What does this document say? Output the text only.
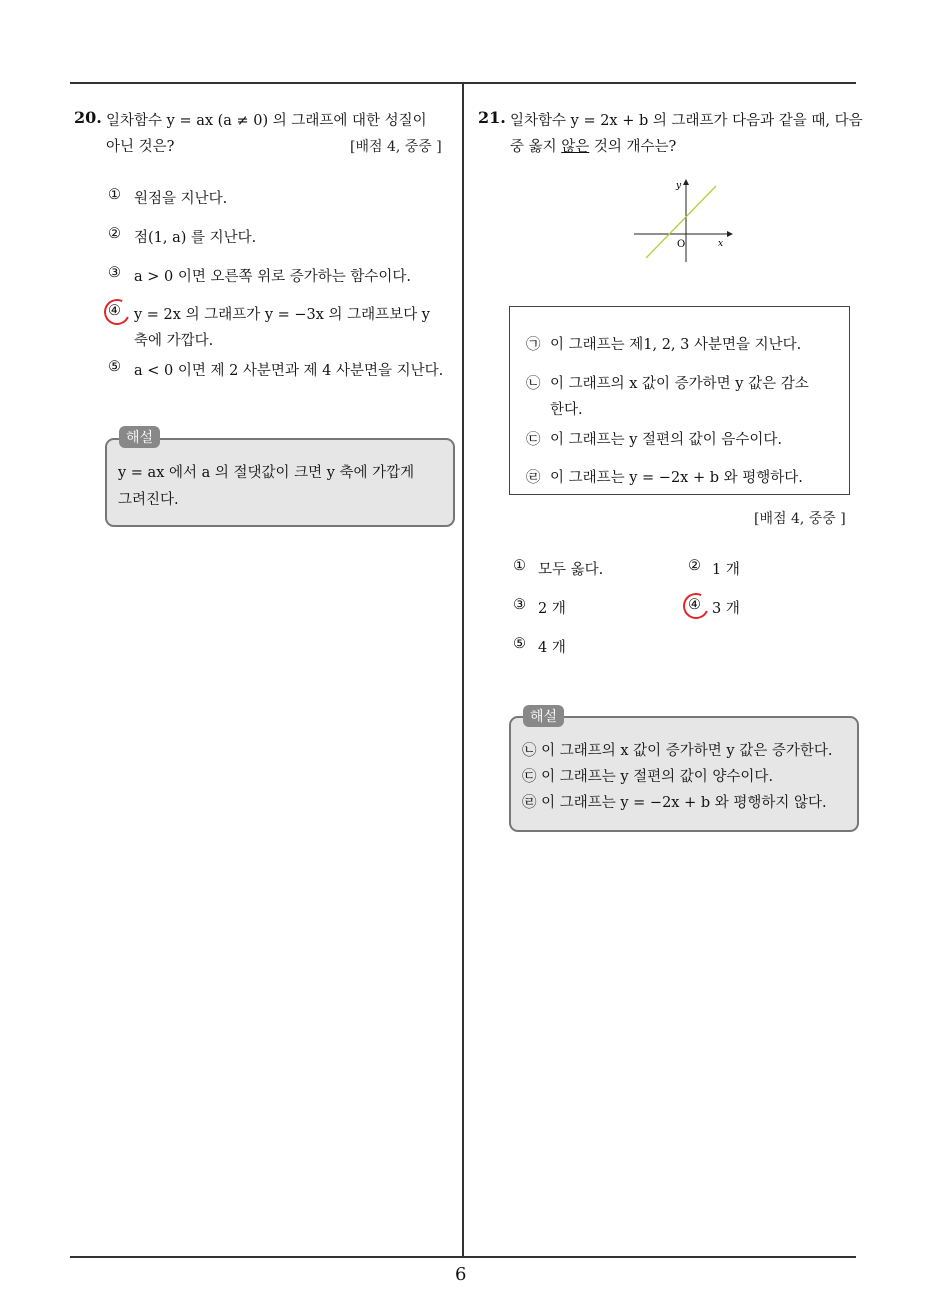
6
20. 일차함수 y = ax (a ≠ 0) 의 그래프에 대한 성질이
아닌 것은?	[배점 4, 중중 ]
① 원점을 지난다.
② 점(1, a) 를 지난다.
③ a > 0 이면 오른쪽 위로 증가하는 함수이다.
④ y = 2x 의 그래프가 y = −3x 의 그래프보다 y
축에 가깝다.
⑤ a < 0 이면 제 2 사분면과 제 4 사분면을 지난다.
해설
y = ax 에서 a 의 절댓값이 크면 y 축에 가깝게
그려진다.
21. 일차함수 y = 2x + b 의 그래프가 다음과 같을 때, 다음
중 옳지 않은 것의 개수는?
y
x
O
㉠ 이 그래프는 제1, 2, 3 사분면을 지난다.
㉡ 이 그래프의 x 값이 증가하면 y 값은 감소
한다.
㉢ 이 그래프는 y 절편의 값이 음수이다.
㉣ 이 그래프는 y = −2x + b 와 평행하다.
[배점 4, 중중 ]
① 모두 옳다.	② 1 개
③ 2 개	④ 3 개
⑤ 4 개
해설
㉡ 이 그래프의 x 값이 증가하면 y 값은 증가한다.
㉢ 이 그래프는 y 절편의 값이 양수이다.
㉣ 이 그래프는 y = −2x + b 와 평행하지 않다.
